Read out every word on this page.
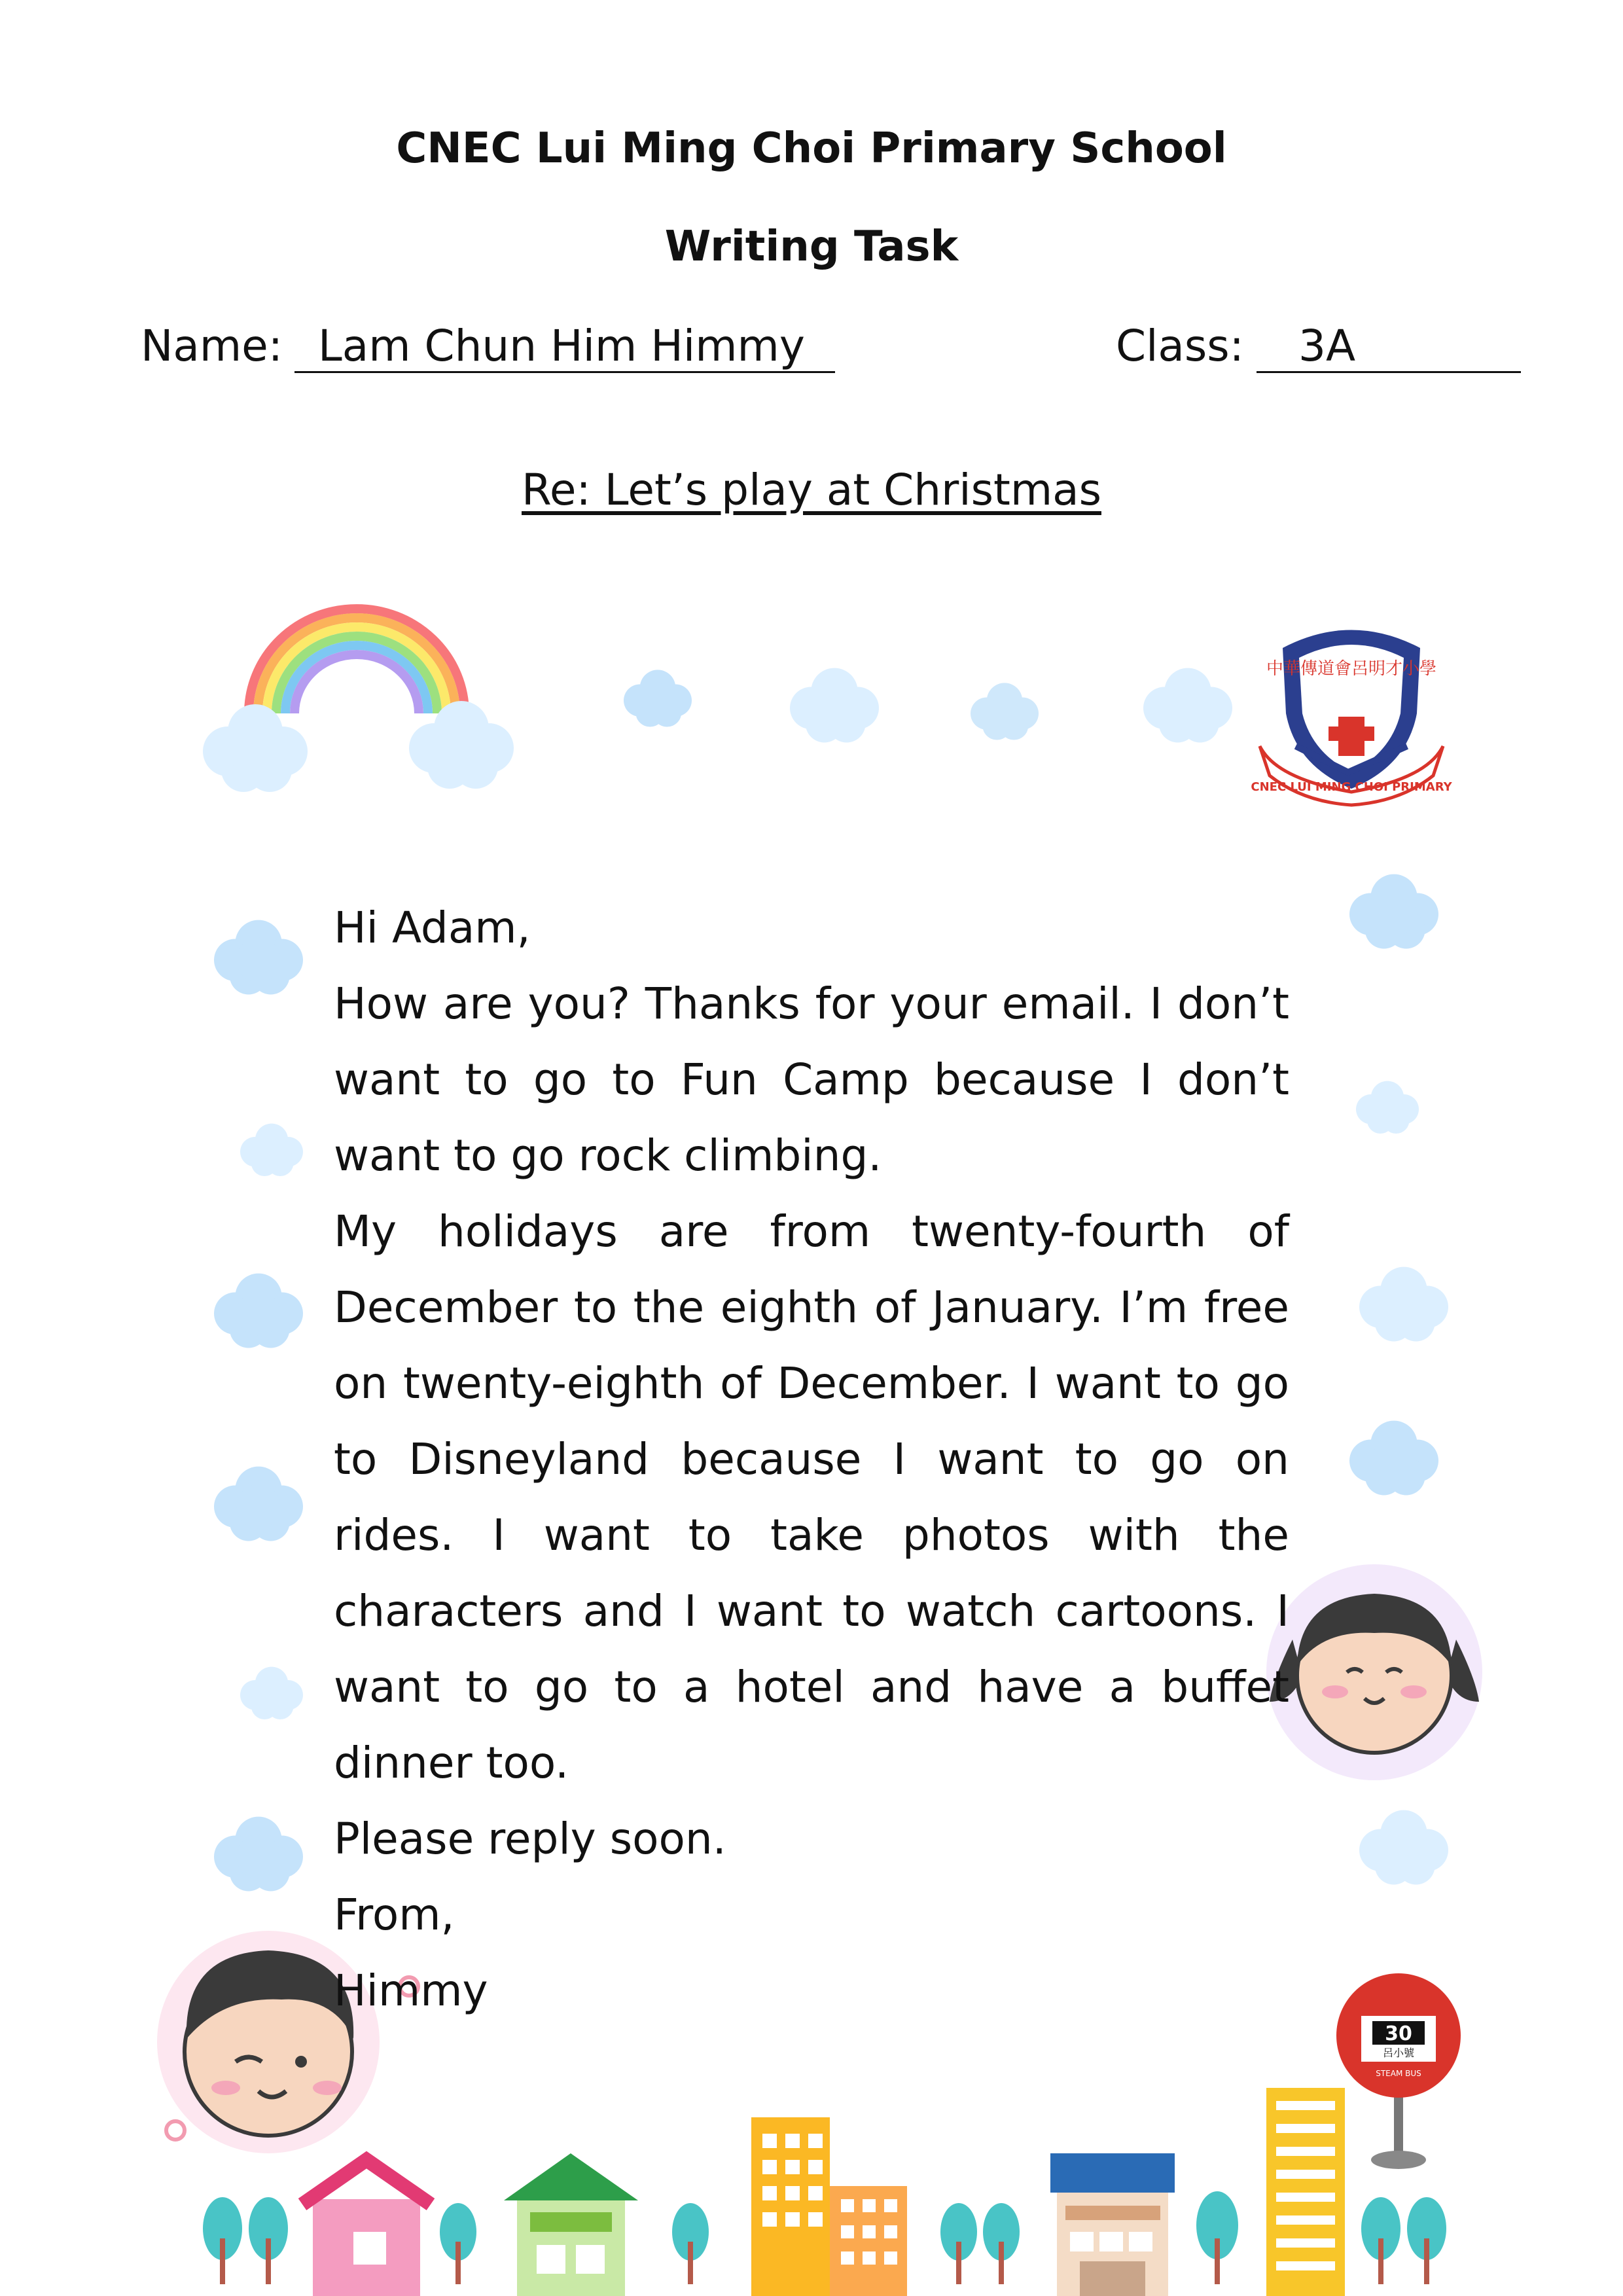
CNEC Lui Ming Choi Primary School
Writing Task
Name: Lam Chun Him Himmy	Class:	3A
Re: Let’s play at Christmas
中華傳道會呂明才小學
CNEC LUI MING CHOI PRIMARY
30
呂小號
STEAM BUS

Hi Adam,

How are you? Thanks for your email. I don’t want to go to Fun Camp because I don’t want to go rock climbing.

My holidays are from twenty-fourth of December to the eighth of January. I’m free on twenty-eighth of December. I want to go to Disneyland because I want to go on rides. I want to take photos with the characters and I want to watch cartoons. I want to go to a hotel and have a buffet dinner too.

Please reply soon.

From,

Himmy
